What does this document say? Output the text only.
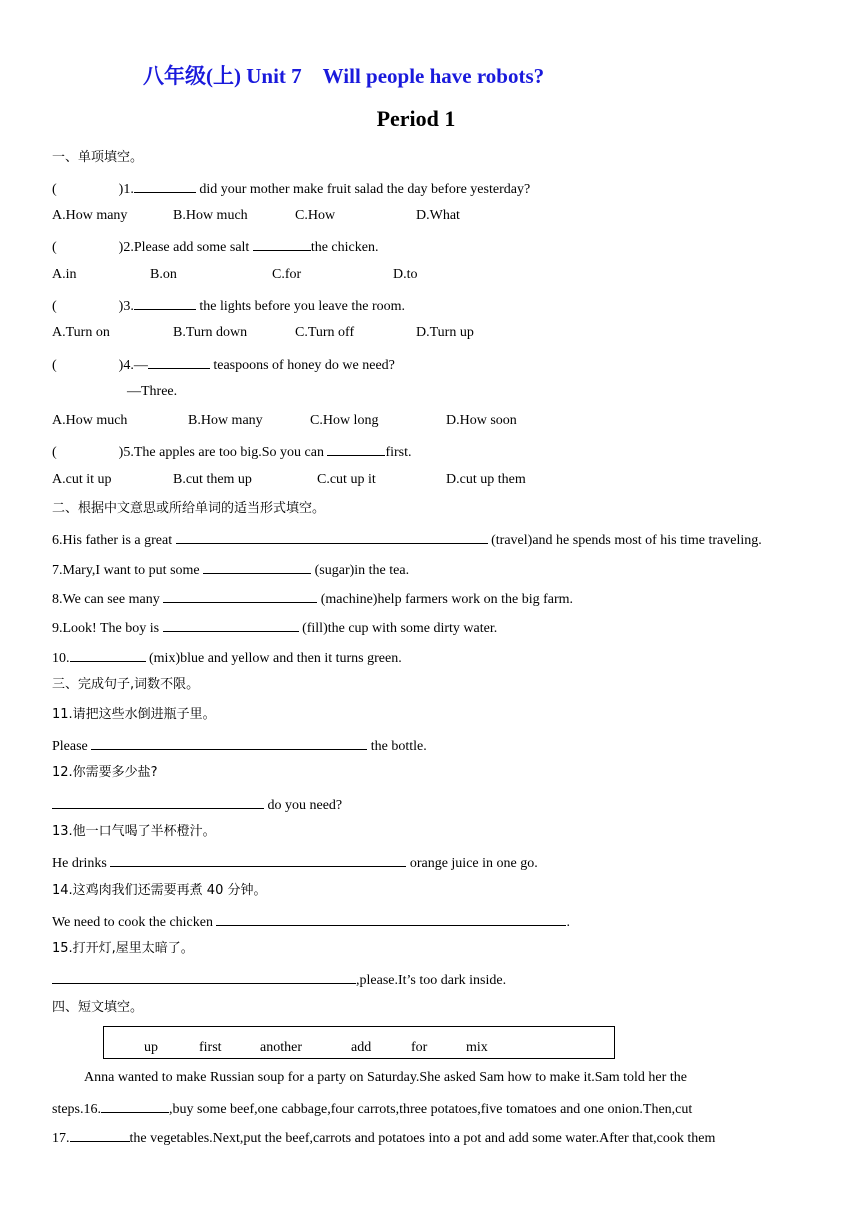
八年级(上) Unit 7　Will people have robots?
Period 1
一、单项填空。
(	)1.	did your mother make fruit salad the day before yesterday?
A.How many	B.How much	C.How	D.What
(	)2.Please add some salt	the chicken.
A.in	B.on	C.for	D.to
(	)3.	the lights before you leave the room.
A.Turn on	B.Turn down	C.Turn off	D.Turn up
(	)4.—	teaspoons of honey do we need?
—Three.
A.How much	B.How many	C.How long	D.How soon
(	)5.The apples are too big.So you can	first.
A.cut it up	B.cut them up	C.cut up it	D.cut up them
二、根据中文意思或所给单词的适当形式填空。
6.His father is a great	(travel)and he spends most of his time traveling.
7.Mary,I want to put some	(sugar)in the tea.
8.We can see many	(machine)help farmers work on the big farm.
9.Look! The boy is	(fill)the cup with some dirty water.
10.	(mix)blue and yellow and then it turns green.
三、完成句子,词数不限。
11.请把这些水倒进瓶子里。
Please	the bottle.
12.你需要多少盐?
do you need?
13.他一口气喝了半杯橙汁。
He drinks	orange juice in one go.
14.这鸡肉我们还需要再煮 40 分钟。
We need to cook the chicken	.
15.打开灯,屋里太暗了。
,please.It’s too dark inside.
四、短文填空。
up	first	another	add	for	mix
Anna wanted to make Russian soup for a party on Saturday.She asked Sam how to make it.Sam told her the
steps.16.	,buy some beef,one cabbage,four carrots,three potatoes,five tomatoes and one onion.Then,cut
17.	the vegetables.Next,put the beef,carrots and potatoes into a pot and add some water.After that,cook them
